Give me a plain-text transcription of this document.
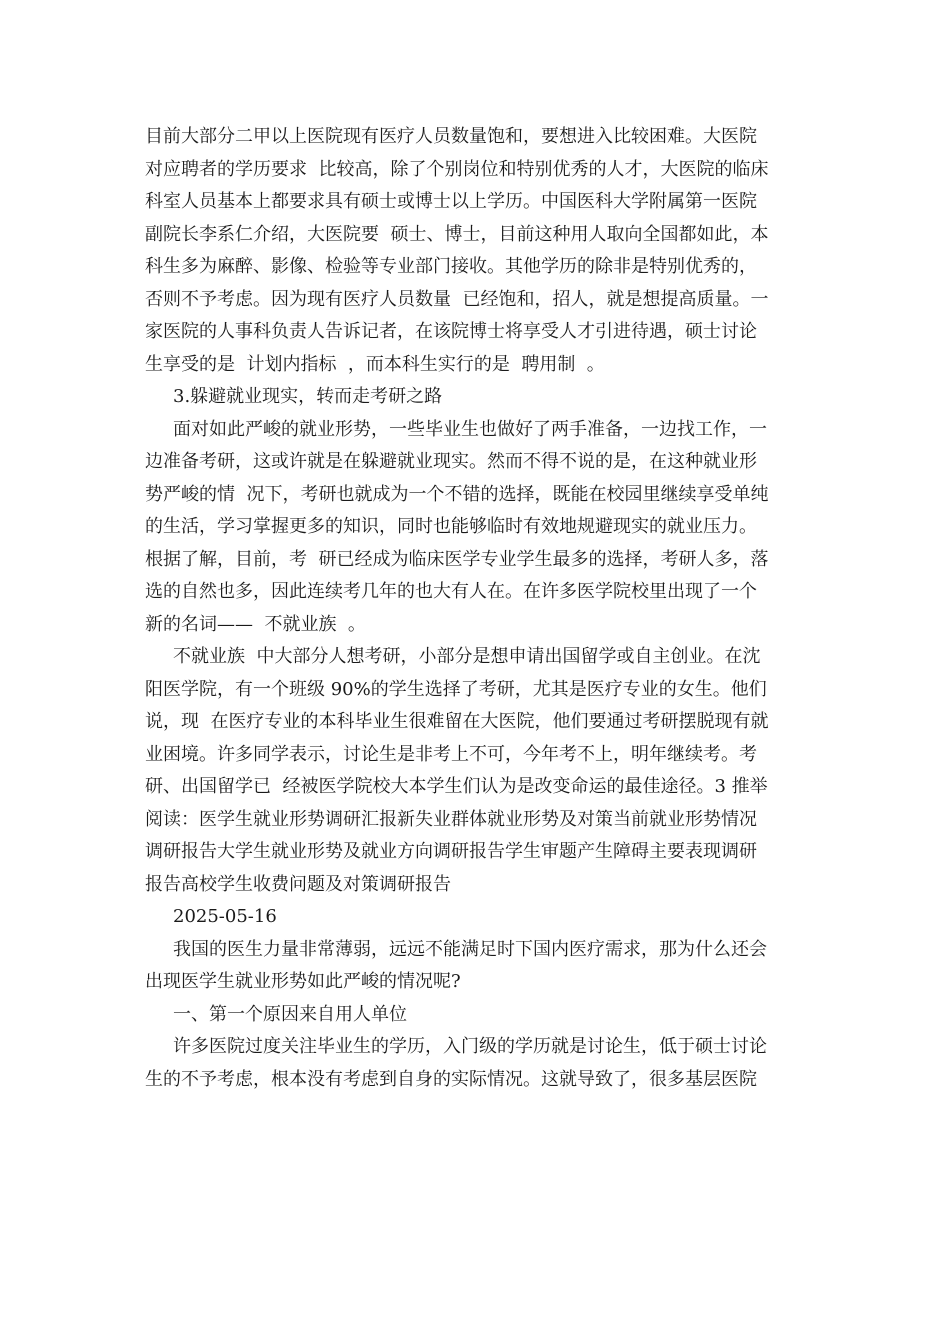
目前大部分二甲以上医院现有医疗人员数量饱和，要想进入比较困难。大医院
对应聘者的学历要求  比较高，除了个别岗位和特别优秀的人才，大医院的临床
科室人员基本上都要求具有硕士或博士以上学历。中国医科大学附属第一医院
副院长李系仁介绍，大医院要  硕士、博士，目前这种用人取向全国都如此，本
科生多为麻醉、影像、检验等专业部门接收。其他学历的除非是特别优秀的，
否则不予考虑。因为现有医疗人员数量  已经饱和，招人，就是想提高质量。一
家医院的人事科负责人告诉记者，在该院博士将享受人才引进待遇，硕士讨论
生享受的是  计划内指标  ，而本科生实行的是  聘用制  。
3.躲避就业现实，转而走考研之路
面对如此严峻的就业形势，一些毕业生也做好了两手准备，一边找工作，一
边准备考研，这或许就是在躲避就业现实。然而不得不说的是，在这种就业形
势严峻的情  况下，考研也就成为一个不错的选择，既能在校园里继续享受单纯
的生活，学习掌握更多的知识，同时也能够临时有效地规避现实的就业压力。
根据了解，目前，考  研已经成为临床医学专业学生最多的选择，考研人多，落
选的自然也多，因此连续考几年的也大有人在。在许多医学院校里出现了一个
新的名词——  不就业族  。
不就业族  中大部分人想考研，小部分是想申请出国留学或自主创业。在沈
阳医学院，有一个班级 90%的学生选择了考研，尤其是医疗专业的女生。他们
说，现  在医疗专业的本科毕业生很难留在大医院，他们要通过考研摆脱现有就
业困境。许多同学表示，讨论生是非考上不可，今年考不上，明年继续考。考
研、出国留学已  经被医学院校大本学生们认为是改变命运的最佳途径。3 推举
阅读：医学生就业形势调研汇报新失业群体就业形势及对策当前就业形势情况
调研报告大学生就业形势及就业方向调研报告学生审题产生障碍主要表现调研
报告高校学生收费问题及对策调研报告
2025-05-16
我国的医生力量非常薄弱，远远不能满足时下国内医疗需求，那为什么还会
出现医学生就业形势如此严峻的情况呢?
一、第一个原因来自用人单位
许多医院过度关注毕业生的学历，入门级的学历就是讨论生，低于硕士讨论
生的不予考虑，根本没有考虑到自身的实际情况。这就导致了，很多基层医院
